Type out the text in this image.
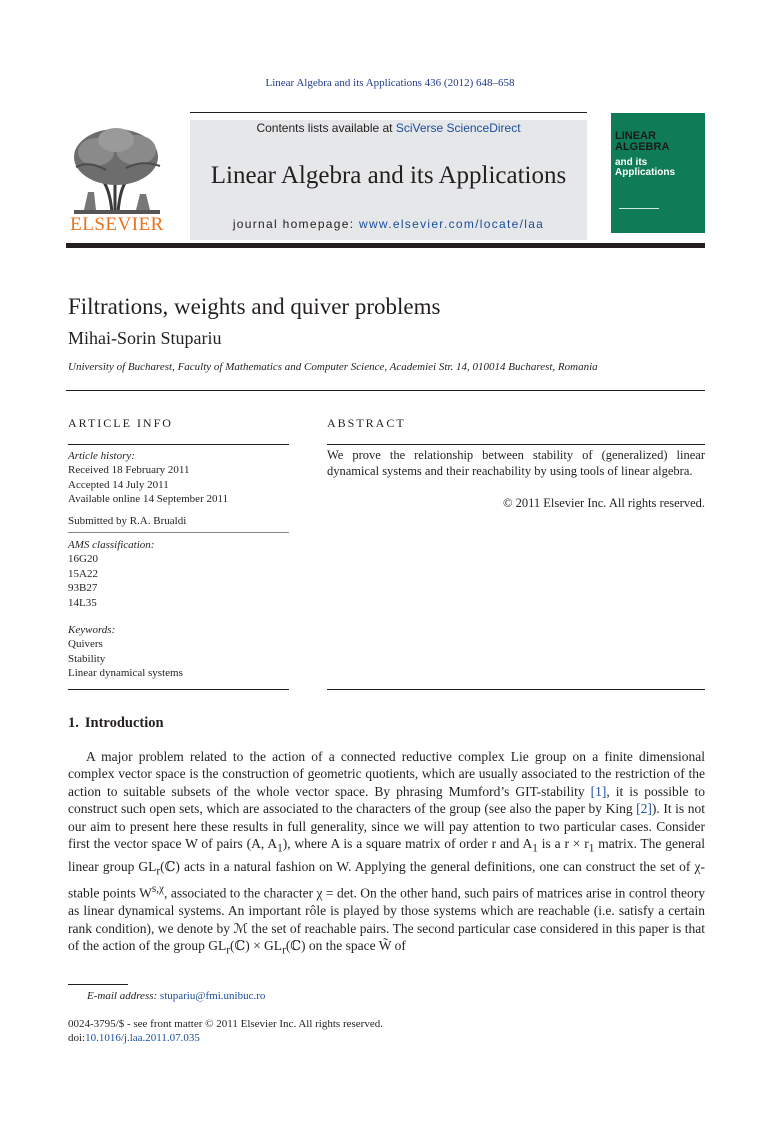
Linear Algebra and its Applications 436 (2012) 648–658
ELSEVIER
Contents lists available at SciVerse ScienceDirect
Linear Algebra and its Applications
journal homepage: www.elsevier.com/locate/laa
LINEAR
ALGEBRA
and its
Applications
Filtrations, weights and quiver problems
Mihai-Sorin Stupariu
University of Bucharest, Faculty of Mathematics and Computer Science, Academiei Str. 14, 010014 Bucharest, Romania
ARTICLE INFO
Article history:
Received 18 February 2011
Accepted 14 July 2011
Available online 14 September 2011
Submitted by R.A. Brualdi
AMS classification:
16G20
15A22
93B27
14L35
Keywords:
Quivers
Stability
Linear dynamical systems
ABSTRACT
We prove the relationship between stability of (generalized) linear dynamical systems and their reachability by using tools of linear algebra.
© 2011 Elsevier Inc. All rights reserved.
1. Introduction

A major problem related to the action of a connected reductive complex Lie group on a finite dimensional complex vector space is the construction of geometric quotients, which are usually associated to the restriction of the action to suitable subsets of the whole vector space. By phrasing Mumford’s GIT-stability [1], it is possible to construct such open sets, which are associated to the characters of the group (see also the paper by King [2]). It is not our aim to present here these results in full generality, since we will pay attention to two particular cases. Consider first the vector space W of pairs (A, $A_1$), where A is a square matrix of order r and $A_1$ is a $r \times r_1$ matrix. The general linear group $GL_r(ℂ)$ acts in a natural fashion on W. Applying the general definitions, one can construct the set of χ-stable points $W^{s,\chi}$, associated to the character χ = det. On the other hand, such pairs of matrices arise in control theory as linear dynamical systems. An important rôle is played by those systems which are reachable (i.e. satisfy a certain rank condition), we denote by ℳ the set of reachable pairs. The second particular case considered in this paper is that of the action of the group $GL_r(ℂ)$ × $GL_r(ℂ)$ on the space W̃ of

E-mail address: stupariu@fmi.unibuc.ro
0024-3795/$ - see front matter © 2011 Elsevier Inc. All rights reserved.
doi:10.1016/j.laa.2011.07.035
